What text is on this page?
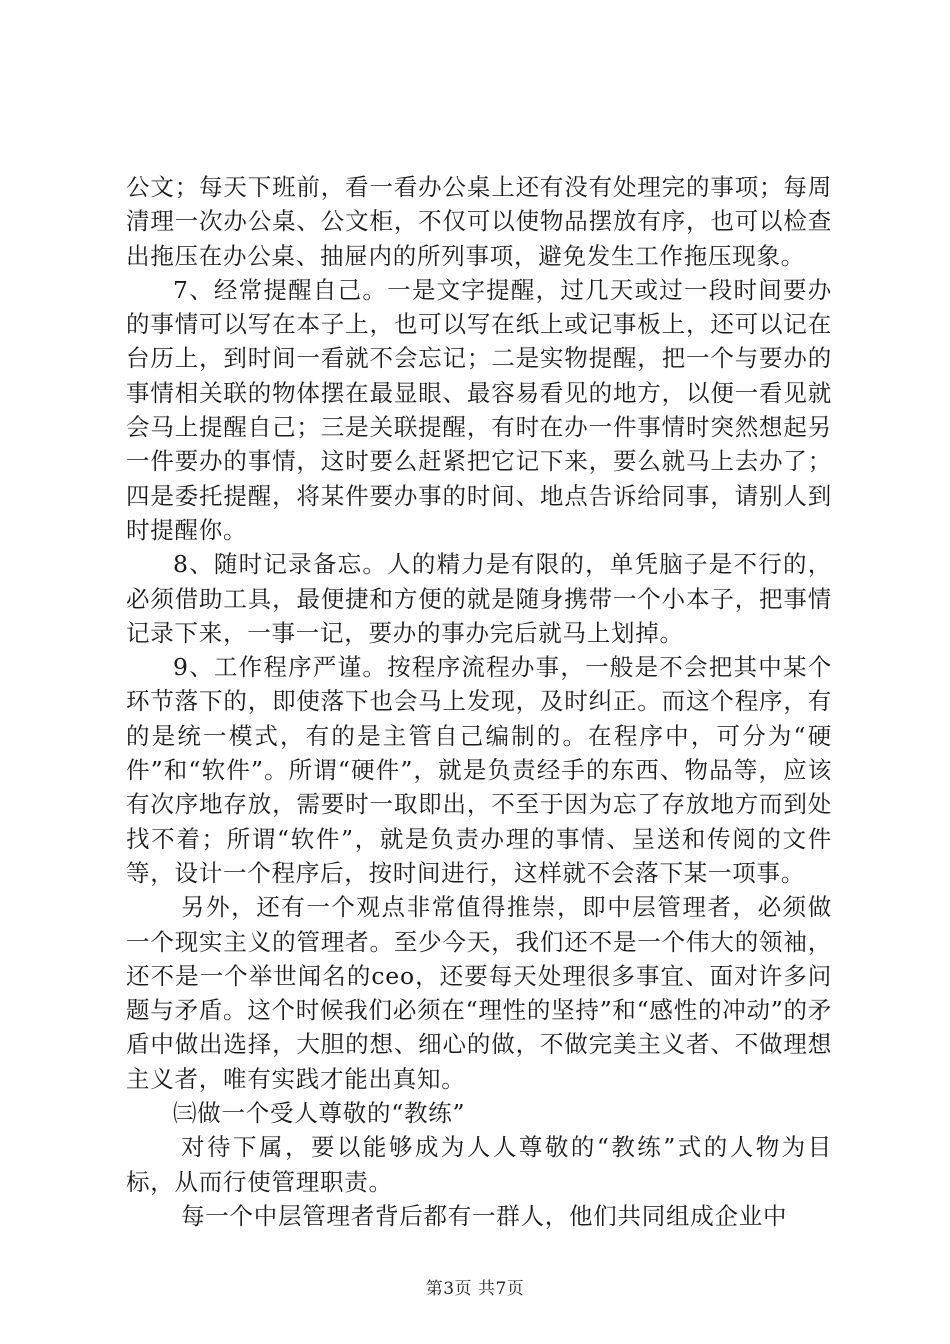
公文；每天下班前，看一看办公桌上还有没有处理完的事项；每周清理一次办公桌、公文柜，不仅可以使物品摆放有序，也可以检查出拖压在办公桌、抽屉内的所列事项，避免发生工作拖压现象。

7、经常提醒自己。一是文字提醒，过几天或过一段时间要办的事情可以写在本子上，也可以写在纸上或记事板上，还可以记在台历上，到时间一看就不会忘记；二是实物提醒，把一个与要办的事情相关联的物体摆在最显眼、最容易看见的地方，以便一看见就会马上提醒自己；三是关联提醒，有时在办一件事情时突然想起另一件要办的事情，这时要么赶紧把它记下来，要么就马上去办了；四是委托提醒，将某件要办事的时间、地点告诉给同事，请别人到时提醒你。

8、随时记录备忘。人的精力是有限的，单凭脑子是不行的，必须借助工具，最便捷和方便的就是随身携带一个小本子，把事情记录下来，一事一记，要办的事办完后就马上划掉。

9、工作程序严谨。按程序流程办事，一般是不会把其中某个环节落下的，即使落下也会马上发现，及时纠正。而这个程序，有的是统一模式，有的是主管自己编制的。在程序中，可分为“硬件”和“软件”。所谓“硬件”，就是负责经手的东西、物品等，应该有次序地存放，需要时一取即出，不至于因为忘了存放地方而到处找不着；所谓“软件”，就是负责办理的事情、呈送和传阅的文件等，设计一个程序后，按时间进行，这样就不会落下某一项事。

另外，还有一个观点非常值得推崇，即中层管理者，必须做一个现实主义的管理者。至少今天，我们还不是一个伟大的领袖，还不是一个举世闻名的ceo，还要每天处理很多事宜、面对许多问题与矛盾。这个时候我们必须在“理性的坚持”和“感性的冲动”的矛盾中做出选择，大胆的想、细心的做，不做完美主义者、不做理想主义者，唯有实践才能出真知。

㈢做一个受人尊敬的“教练”

对待下属，要以能够成为人人尊敬的“教练”式的人物为目标，从而行使管理职责。

每一个中层管理者背后都有一群人，他们共同组成企业中

第3页 共7页
